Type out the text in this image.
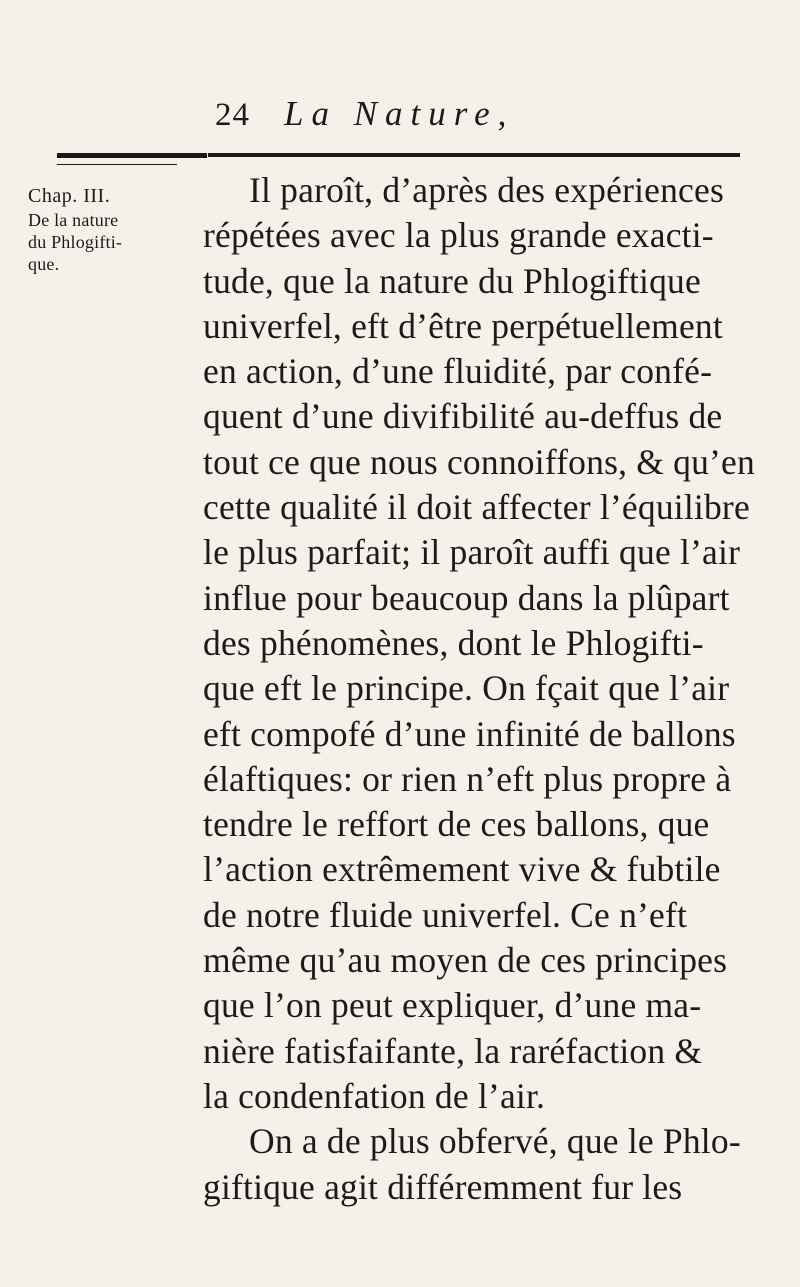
24 La Nature,
Chap. III.
De la nature
du Phlogifti-
que.
Il paroît, d’après des expériences
répétées avec la plus grande exacti-
tude, que la nature du Phlogiftique
univerfel, eft d’être perpétuellement
en action, d’une fluidité, par confé-
quent d’une divifibilité au-deffus de
tout ce que nous connoiffons, & qu’en
cette qualité il doit affecter l’équilibre
le plus parfait; il paroît auffi que l’air
influe pour beaucoup dans la plûpart
des phénomènes, dont le Phlogifti-
que eft le principe. On fçait que l’air
eft compofé d’une infinité de ballons
élaftiques: or rien n’eft plus propre à
tendre le reffort de ces ballons, que
l’action extrêmement vive & fubtile
de notre fluide univerfel. Ce n’eft
même qu’au moyen de ces principes
que l’on peut expliquer, d’une ma-
nière fatisfaifante, la raréfaction &
la condenfation de l’air.
On a de plus obfervé, que le Phlo-
giftique agit différemment fur les
